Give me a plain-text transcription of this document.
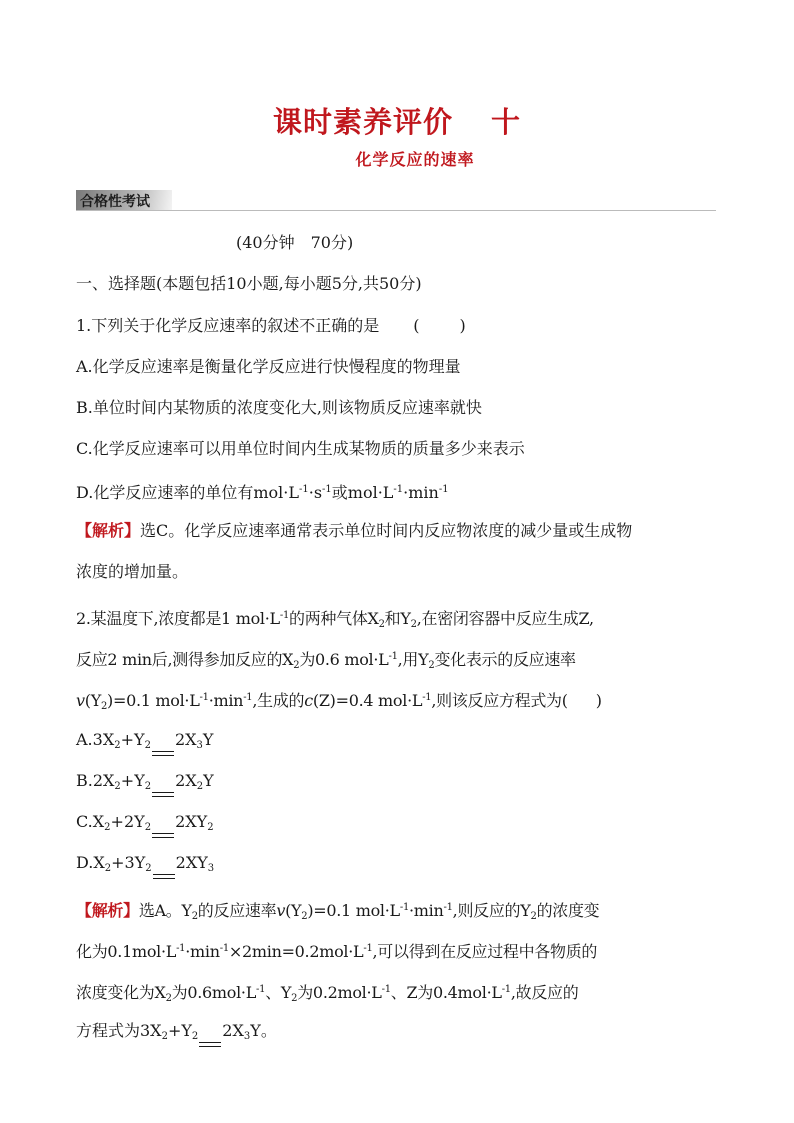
课时素养评价 十
化学反应的速率
合格性考试
(40分钟　70分)
一、选择题(本题包括10小题,每小题5分,共50分)
1.下列关于化学反应速率的叙述不正确的是 (	)
A.化学反应速率是衡量化学反应进行快慢程度的物理量
B.单位时间内某物质的浓度变化大,则该物质反应速率就快
C.化学反应速率可以用单位时间内生成某物质的质量多少来表示
D.化学反应速率的单位有$mol\cdot L^{-1}\cdot s^{-1}$或$mol\cdot L^{-1}\cdot\min^{-1}$
【解析】选C。化学反应速率通常表示单位时间内反应物浓度的减少量或生成物
浓度的增加量。
2.某温度下,浓度都是1 $mol\cdot L^{-1}$的两种气体$X_2$和$Y_2$,在密闭容器中反应生成Z,
反应2 min后,测得参加反应的$X_2$为0.6 $mol\cdot L^{-1}$,用$Y_2$变化表示的反应速率
$v(Y_2)=0.1$ $mol\cdot L^{-1}\cdot\min^{-1}$,生成的c(Z)=0.4 $mol\cdot L^{-1}$,则该反应方程式为( )
$A.3X_2+Y_2$ $2X_3Y$
$B.2X_2+Y_2$ $2X_2Y$
$C.X_2+2Y_2$ $2XY_2$
$D.X_2+3Y_2$ $2XY_3$
【解析】选A。$Y_2$的反应速率$v(Y_2)=0.1$ $mol\cdot L^{-1}\cdot\min^{-1}$,则反应的$Y_2$的浓度变
化为$0.1mol\cdot L^{-1}\cdot\min^{-1}\times 2\min=0.2mol\cdot L^{-1}$,可以得到在反应过程中各物质的
浓度变化为$X_2$为$0.6mol\cdot L^{-1}$、$Y_2$为$0.2mol\cdot L^{-1}$、Z为$0.4mol\cdot L^{-1}$,故反应的
方程式为$3X_2+Y_2$ $2X_3Y$。
